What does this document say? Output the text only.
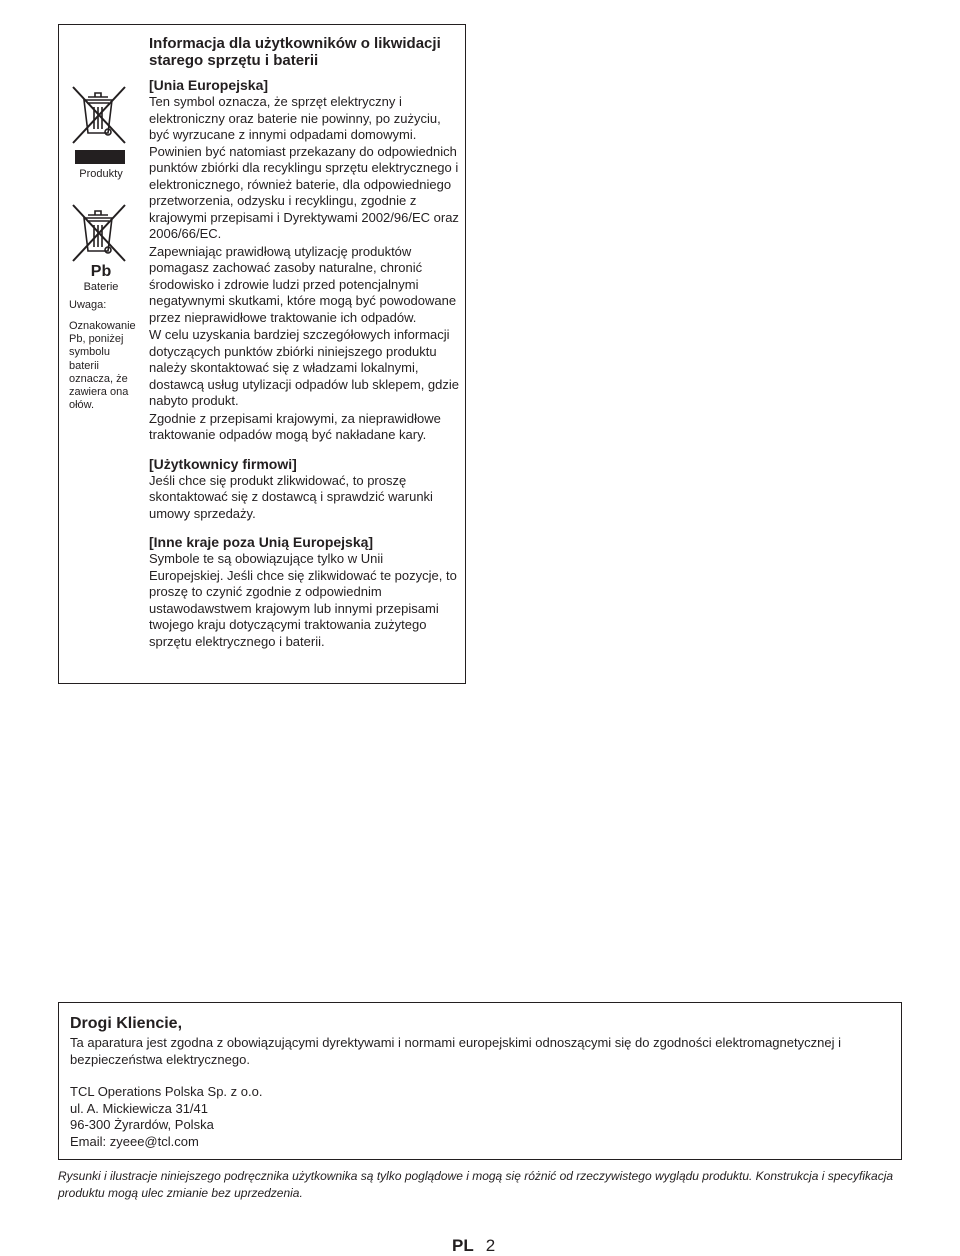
Produkty
Pb
Baterie
Uwaga:
Oznakowanie Pb, poniżej symbolu baterii oznacza, że zawiera ona ołów.

Informacja dla użytkowników o likwidacji starego sprzętu i baterii

[Unia Europejska]

Ten symbol oznacza, że sprzęt elektryczny i elektroniczny oraz baterie nie powinny, po zużyciu, być wyrzucane z innymi odpadami domowymi. Powinien być natomiast przekazany do odpowiednich punktów zbiórki dla recyklingu sprzętu elektrycznego i elektronicznego, również baterie, dla odpowiedniego przetworzenia, odzysku i recyklingu, zgodnie z krajowymi przepisami i Dyrektywami 2002/96/EC oraz 2006/66/EC.

Zapewniając prawidłową utylizację produktów pomagasz zachować zasoby naturalne, chronić środowisko i zdrowie ludzi przed potencjalnymi negatywnymi skutkami, które mogą być powodowane przez nieprawidłowe traktowanie ich odpadów.

W celu uzyskania bardziej szczegółowych informacji dotyczących punktów zbiórki niniejszego produktu należy skontaktować się z władzami lokalnymi, dostawcą usług utylizacji odpadów lub sklepem, gdzie nabyto produkt.

Zgodnie z przepisami krajowymi, za nieprawidłowe traktowanie odpadów mogą być nakładane kary.

[Użytkownicy firmowi]

Jeśli chce się produkt zlikwidować, to proszę skontaktować się z dostawcą i sprawdzić warunki umowy sprzedaży.

[Inne kraje poza Unią Europejską]

Symbole te są obowiązujące tylko w Unii Europejskiej. Jeśli chce się zlikwidować te pozycje, to proszę to czynić zgodnie z odpowiednim ustawodawstwem krajowym lub innymi przepisami twojego kraju dotyczącymi traktowania zużytego sprzętu elektrycznego i baterii.

Drogi Kliencie,

Ta aparatura jest zgodna z obowiązującymi dyrektywami i normami europejskimi odnoszącymi się do zgodności elektromagnetycznej i bezpieczeństwa elektrycznego.

TCL Operations Polska Sp. z o.o.
ul. A. Mickiewicza 31/41
96-300 Żyrardów, Polska
Email: zyeee@tcl.com

Rysunki i ilustracje niniejszego podręcznika użytkownika są tylko poglądowe i mogą się różnić od rzeczywistego wyglądu produktu. Konstrukcja i specyfikacja produktu mogą ulec zmianie bez uprzedzenia.

PL 2
